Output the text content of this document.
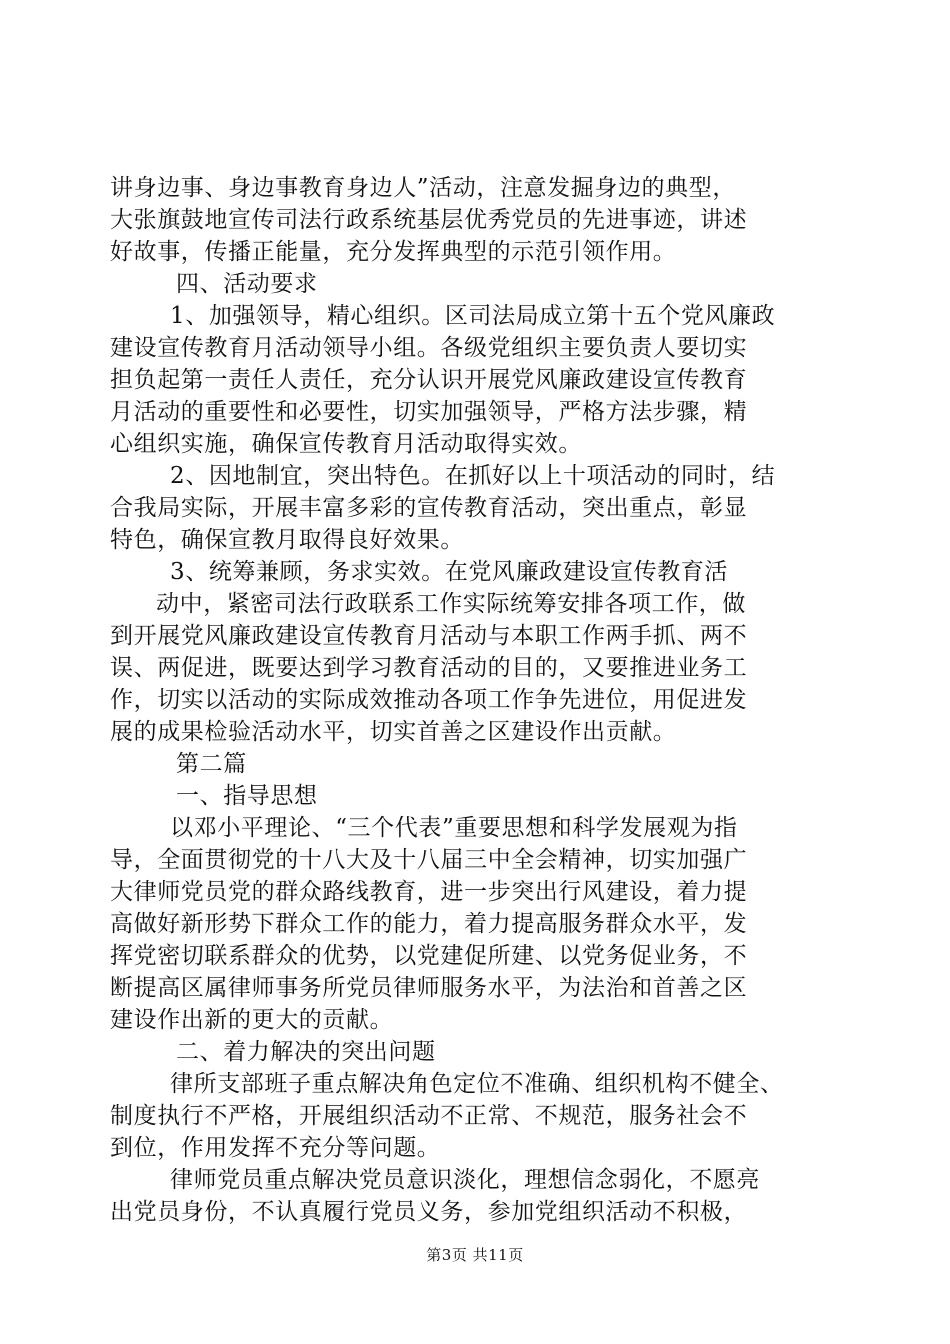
讲身边事、身边事教育身边人”活动，注意发掘身边的典型，
大张旗鼓地宣传司法行政系统基层优秀党员的先进事迹，讲述
好故事，传播正能量，充分发挥典型的示范引领作用。
四、活动要求
1、加强领导，精心组织。区司法局成立第十五个党风廉政
建设宣传教育月活动领导小组。各级党组织主要负责人要切实
担负起第一责任人责任，充分认识开展党风廉政建设宣传教育
月活动的重要性和必要性，切实加强领导，严格方法步骤，精
心组织实施，确保宣传教育月活动取得实效。
2、因地制宜，突出特色。在抓好以上十项活动的同时，结
合我局实际，开展丰富多彩的宣传教育活动，突出重点，彰显
特色，确保宣教月取得良好效果。
3、统筹兼顾，务求实效。在党风廉政建设宣传教育活
动中，紧密司法行政联系工作实际统筹安排各项工作，做
到开展党风廉政建设宣传教育月活动与本职工作两手抓、两不
误、两促进，既要达到学习教育活动的目的，又要推进业务工
作，切实以活动的实际成效推动各项工作争先进位，用促进发
展的成果检验活动水平，切实首善之区建设作出贡献。
第二篇
一、指导思想
以邓小平理论、“三个代表”重要思想和科学发展观为指
导，全面贯彻党的十八大及十八届三中全会精神，切实加强广
大律师党员党的群众路线教育，进一步突出行风建设，着力提
高做好新形势下群众工作的能力，着力提高服务群众水平，发
挥党密切联系群众的优势，以党建促所建、以党务促业务，不
断提高区属律师事务所党员律师服务水平，为法治和首善之区
建设作出新的更大的贡献。
二、着力解决的突出问题
律所支部班子重点解决角色定位不准确、组织机构不健全、
制度执行不严格，开展组织活动不正常、不规范，服务社会不
到位，作用发挥不充分等问题。
律师党员重点解决党员意识淡化，理想信念弱化，不愿亮
出党员身份，不认真履行党员义务，参加党组织活动不积极，
第3页 共11页
